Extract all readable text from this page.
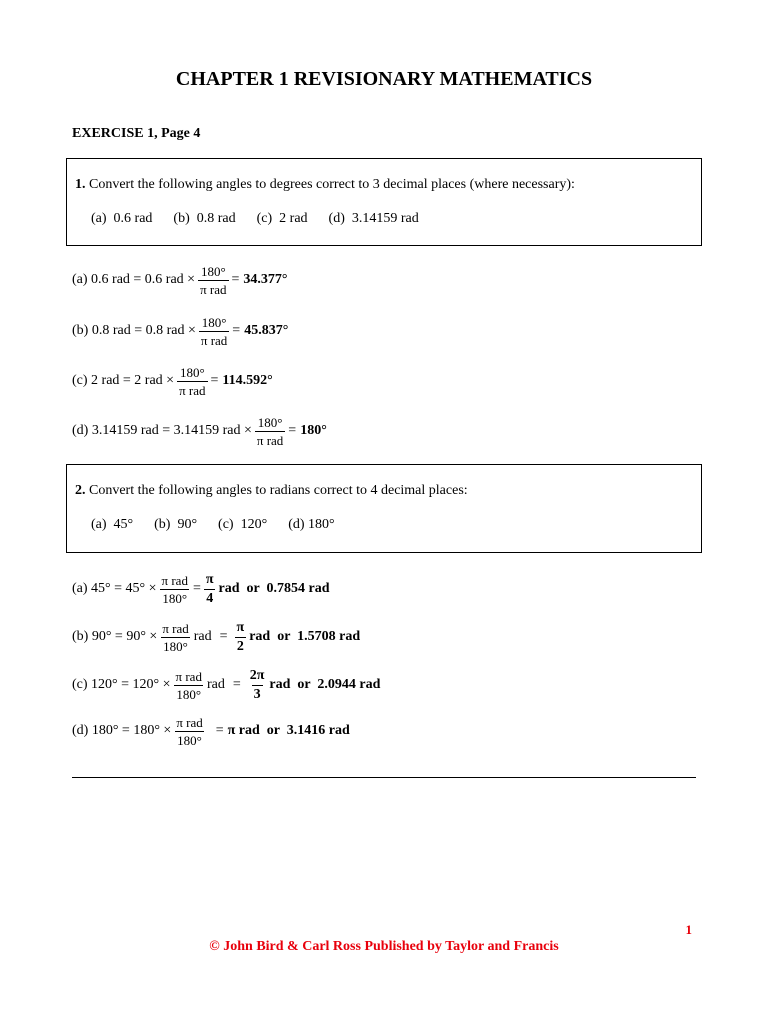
CHAPTER 1 REVISIONARY MATHEMATICS
EXERCISE 1, Page 4
1. Convert the following angles to degrees correct to 3 decimal places (where necessary):
(a)  0.6 rad      (b)  0.8 rad      (c)  2 rad      (d)  3.14159 rad
(a) 0.6 rad = 0.6 rad × $\frac{180^\circ}{\text{π rad}} = 34.377^\circ$
(b) 0.8 rad = 0.8 rad × $\frac{180^\circ}{\text{π rad}} = 45.837^\circ$
(c) 2 rad = 2 rad × $\frac{180^\circ}{\text{π rad}} = 114.592^\circ$
(d) 3.14159 rad = 3.14159 rad × $\frac{180^\circ}{\text{π rad}} = 180^\circ$
2. Convert the following angles to radians correct to 4 decimal places:
(a)  45°      (b)  90°      (c)  120°      (d) 180°
(a) $45^\circ = 45^\circ \times \frac{\text{π rad}}{180^\circ} = \frac{\pi}{4}$ rad  or  0.7854 rad
(b) $90^\circ = 90^\circ \times \frac{\text{π rad}}{180^\circ}$ rad = $\frac{\pi}{2}$ rad  or  1.5708 rad
(c) $120^\circ = 120^\circ \times \frac{\text{π rad}}{180^\circ}$ rad = $\frac{2\pi}{3}$ rad  or  2.0944 rad
(d) $180^\circ = 180^\circ \times \frac{\text{π rad}}{180^\circ} = \pi$ rad  or  3.1416 rad
1
© John Bird & Carl Ross Published by Taylor and Francis
